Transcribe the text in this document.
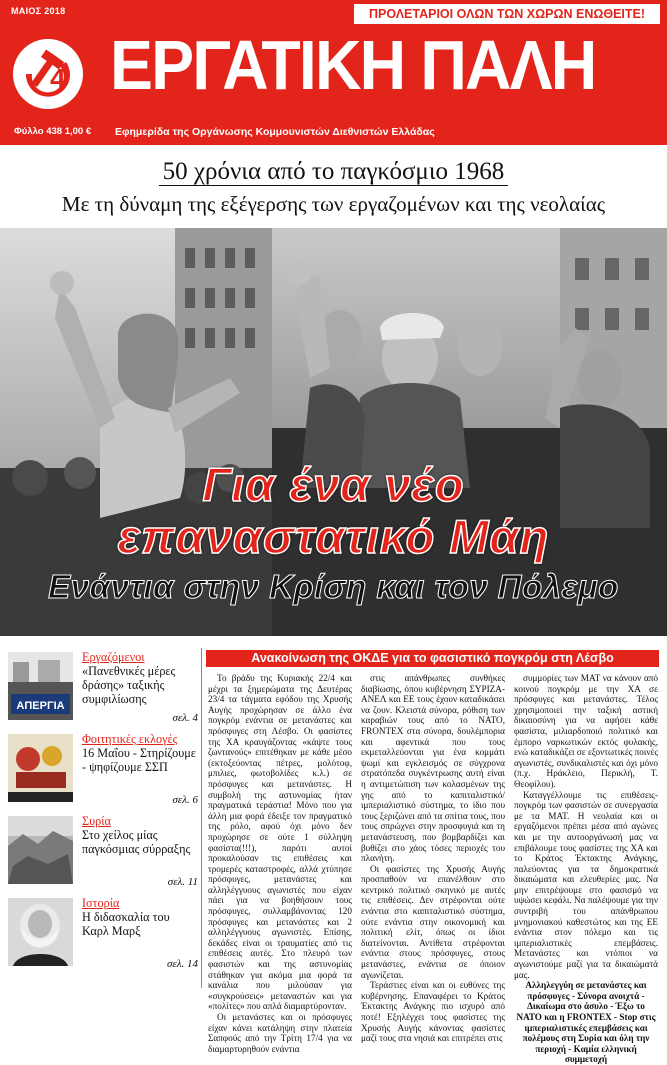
ΜΑΙΟΣ 2018	ΠΡΟΛΕΤΑΡΙΟΙ ΟΛΩΝ ΤΩΝ ΧΩΡΩΝ ΕΝΩΘΕΙΤΕ!
4 ΕΡΓΑΤΙΚΗ ΠΑΛΗ
Φύλλο 438 1,00 € Εφημερίδα της Οργάνωσης Κομμουνιστών Διεθνιστών Ελλάδας
50 χρόνια από το παγκόσμιο 1968
Με τη δύναμη της εξέγερσης των εργαζομένων και της νεολαίας
Για ένα νέο
επαναστατικό Μάη
Ενάντια στην Κρίση και τον Πόλεμο
ΑΠΕΡΓΙΑ
Εργαζόμενοι
«Πανεθνικές μέρες δράσης» ταξικής συμφιλίωσης
σελ. 4
Φοιτητικές εκλογές
16 Μαΐου - Στηρίζουμε - ψηφίζουμε ΣΣΠ
σελ. 6
Συρία
Στο χείλος μίας παγκόσμιας σύρραξης
σελ. 11
Ιστορία
Η διδασκαλία του Καρλ Μαρξ
σελ. 14
Ανακοίνωση της ΟΚΔΕ για το φασιστικό πογκρόμ στη Λέσβο

Το βράδυ της Κυριακής 22/4 και μέχρι τα ξημερώματα της Δευτέρας 23/4 τα τάγματα εφόδου της Χρυσής Αυγής προχώρησαν σε άλλο ένα πογκρόμ ενάντια σε μετανάστες και πρόσφυγες στη Λέσβο. Οι φασίστες της ΧΑ κραυγάζοντας «κάψτε τους ζωντανούς» επιτέθηκαν με κάθε μέσο (εκτοξεύοντας πέτρες, μολότοφ, μπιλιες, φωτοβολίδες κ.λ.) σε πρόσφυγες και μετανάστες. Η συμβολή της αστυνομίας ήταν πραγματικά τεράστια! Μόνο που για άλλη μια φορά έδειξε τον πραγματικό της ρόλο, αφού όχι μόνο δεν προχώρησε σε ούτε 1 σύλληψη φασίστα(!!!), παρότι αυτοί προκαλούσαν τις επιθέσεις και τρομερές καταστροφές, αλλά χτύπησε πρόσφυγες, μετανάστες και αλληλέγγυους αγωνιστές που είχαν πάει για να βοηθήσουν τους πρόσφυγες, συλλαμβάνοντας 120 πρόσφυγες και μετανάστες και 2 αλληλέγγυους αγωνιστές. Επίσης, δεκάδες είναι οι τραυματίες από τις επιθέσεις αυτές. Στο πλευρό των φασιστών και της αστυνομίας στάθηκαν για ακόμα μια φορά τα κανάλια που μιλούσαν για «συγκρούσεις» μεταναστών και για «πολίτες» που απλά διαμαρτύρονταν.

Οι μετανάστες και οι πρόσφυγες είχαν κάνει κατάληψη στην πλατεία Σαπφούς από την Τρίτη 17/4 για να διαμαρτυρηθούν ενάντια

στις απάνθρωπες συνθήκες διαβίωσης, όπου κυβέρνηση ΣΥΡΙΖΑ-ΑΝΕΛ και ΕΕ τους έχουν καταδικάσει να ζουν. Κλειστά σύνορα, ρόθιση των καραβιών τους από το ΝΑΤΟ, FRONTEX στα σύνορα, δουλέμπορια και αφεντικά που τους εκμεταλλεύονται για ένα κομμάτι ψωμί και εγκλεισμός σε σύγχρονα στρατόπεδα συγκέντρωσης αυτή είναι η αντιμετώπιση των κολασμένων της γης από το καπιταλιστικό/ιμπεριαλιστικό σύστημα, το ίδιο που τους ξεριζώνει από τα σπίτια τους, που τους σπρώχνει στην προσφυγιά και τη μετανάστευση, που βομβαρδίζει και βυθίζει στο χάος τόσες περιοχές του πλανήτη.

Οι φασίστες της Χρυσής Αυγής προσπαθούν να επανέλθουν στο κεντρικό πολιτικό σκηνικό με αυτές τις επιθέσεις. Δεν στρέφονται ούτε ενάντια στο καπιταλιστικό σύστημα, ούτε ενάντια στην οικονομική και πολιτική ελίτ, όπως οι ίδιοι διατείνονται. Αντίθετα στρέφονται ενάντια στους πρόσφυγες, στους μετανάστες, ενάντια σε όποιον αγωνίζεται.

Τεράστιες είναι και οι ευθύνες της κυβέρνησης. Επαναφέρει το Κράτος Έκτακτης Ανάγκης πιο ισχυρό από ποτέ! Εξηλέγχει τους φασίστες της Χρυσής Αυγής κάνοντας φασίστες μαζί τους στα νησιά και επιτρέπει στις

συμμορίες των ΜΑΤ να κάνουν από κοινού πογκρόμ με την ΧΑ σε πρόσφυγες και μετανάστες. Τέλος χρησιμοποιεί την ταξική αστική δικαιοσύνη για να αφήσει κάθε φασίστα, μιλιαρδοποιό πολιτικό και έμπορο ναρκωτικών εκτός φυλακής, ενώ καταδικάζει σε εξοντωτικές ποινές αγωνιστές, συνδικαλιστές και όχι μόνο (π.χ. Ηράκλειο, Περικλή, Τ. Θεοφίλου).

Καταγγέλλουμε τις επιθέσεις-πογκρόμ των φασιστών σε συνεργασία με τα ΜΑΤ. Η νεολαία και οι εργαζόμενοι πρέπει μέσα από αγώνες και με την αυτοοργάνωσή μας να επιβάλουμε τους φασίστες της ΧΑ και το Κράτος Έκτακτης Ανάγκης, παλεύοντας για τα δημοκρατικά δικαιώματα και ελευθερίες μας. Να μην επιτρέψουμε στο φασισμό να υψώσει κεφάλι. Να παλέψουμε για την συντριβή του απάνθρωπου μνημονιακού καθεστώτος και της ΕΕ ενάντια στον πόλεμο και τις ιμπεριαλιστικές επεμβάσεις. Μετανάστες και ντόπιοι να αγωνιστούμε μαζί για τα δικαιώματά μας.

Αλληλεγγύη σε μετανάστες και πρόσφυγες - Σύνορα ανοιχτά - Δικαίωμα στο άσυλο - Έξω το ΝΑΤΟ και η FRONTEX - Stop στις ιμπεριαλιστικές επεμβάσεις και πολέμους στη Συρία και όλη την περιοχή - Καμία ελληνική συμμετοχή
